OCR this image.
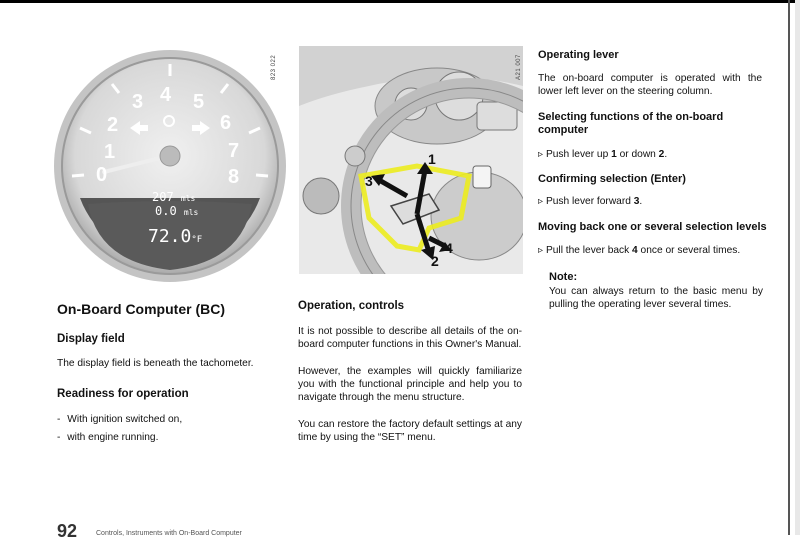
1
2
3 4 5
6
7
8
0
207 mls
0.0 mls
72.0°F
823 022
1
2
3
4
A21 007
On-Board Computer (BC)
Display field
The display field is beneath the tachometer.
Readiness for operation
- With ignition switched on,
- with engine running.
Operation, controls
It is not possible to describe all details of the on-board computer functions in this Owner's Manual.
However, the examples will quickly familiarize you with the functional principle and help you to navigate through the menu structure.
You can restore the factory default settings at any time by using the “SET” menu.
Operating lever
The on-board computer is operated with the lower left lever on the steering column.
Selecting functions of the on-board computer
▹ Push lever up 1 or down 2.
Confirming selection (Enter)
▹ Push lever forward 3.
Moving back one or several selection levels
▹ Pull the lever back 4 once or several times.
Note:
You can always return to the basic menu by pulling the operating lever several times.
92	Controls, Instruments with On-Board Computer
